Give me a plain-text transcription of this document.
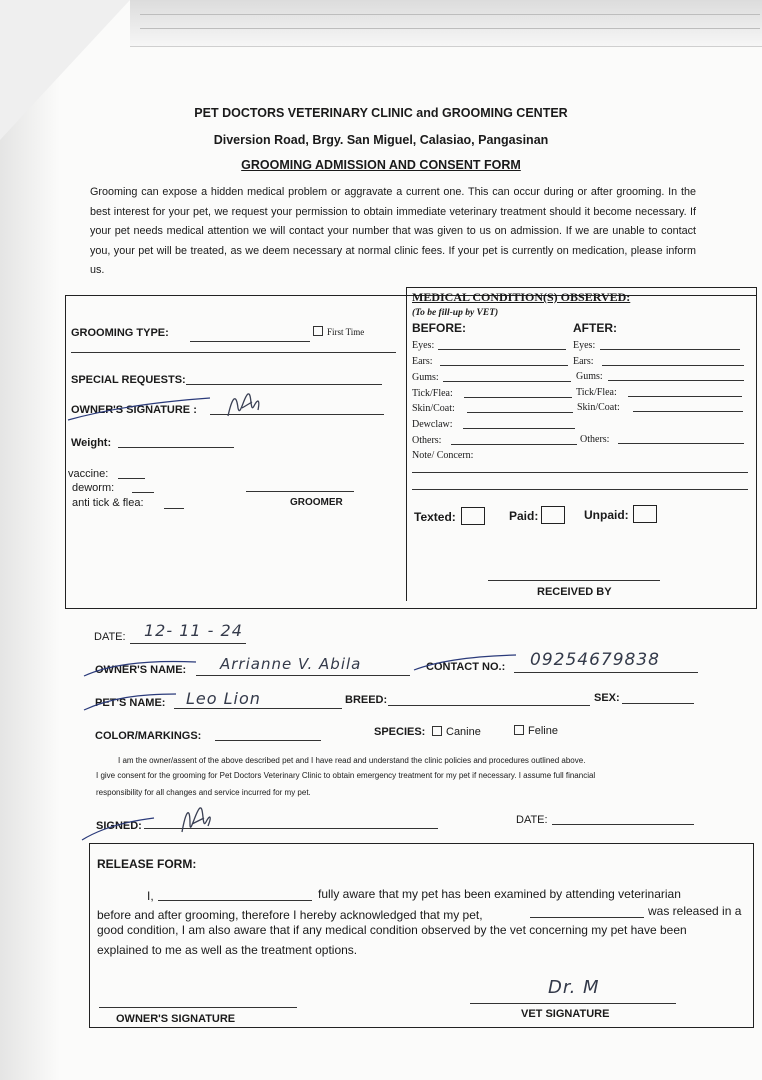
PET DOCTORS VETERINARY CLINIC and GROOMING CENTER
Diversion Road, Brgy. San Miguel, Calasiao, Pangasinan
GROOMING ADMISSION AND CONSENT FORM
Grooming can expose a hidden medical problem or aggravate a current one. This can occur during or after grooming. In the best interest for your pet, we request your permission to obtain immediate veterinary treatment should it become necessary. If your pet needs medical attention we will contact your number that was given to us on admission. If we are unable to contact you, your pet will be treated, as we deem necessary at normal clinic fees. If your pet is currently on medication, please inform us.
GROOMING TYPE:	First Time
SPECIAL REQUESTS:
OWNER'S SIGNATURE :
Weight:
vaccine:
deworm:
anti tick & flea:	GROOMER
MEDICAL CONDITION(S) OBSERVED:
(To be fill-up by VET)
BEFORE:	AFTER:
Eyes:	Eyes:
Ears:	Ears:
Gums:	Gums:
Tick/Flea:	Tick/Flea:
Skin/Coat:	Skin/Coat:
Dewclaw:
Others:	Others:
Note/ Concern:
Texted:	Paid:	Unpaid:
RECEIVED BY
DATE: 12- 11 - 24
OWNER'S NAME: Arrianne V. Abila	CONTACT NO.: 09254679838
PET'S NAME: Leo Lion	BREED:	SEX:
COLOR/MARKINGS:	SPECIES:	Canine	Feline
I am the owner/assent of the above described pet and I have read and understand the clinic policies and procedures outlined above.
I give consent for the grooming for Pet Doctors Veterinary Clinic to obtain emergency treatment for my pet if necessary. I assume full financial
responsibility for all changes and service incurred for my pet.
SIGNED:	DATE:
RELEASE FORM:
I,	fully aware that my pet has been examined by attending veterinarian
before and after grooming, therefore I hereby acknowledged that my pet,	was released in a
good condition, I am also aware that if any medical condition observed by the vet concerning my pet have been
explained to me as well as the treatment options.
OWNER'S SIGNATURE
Dr. M
VET SIGNATURE
